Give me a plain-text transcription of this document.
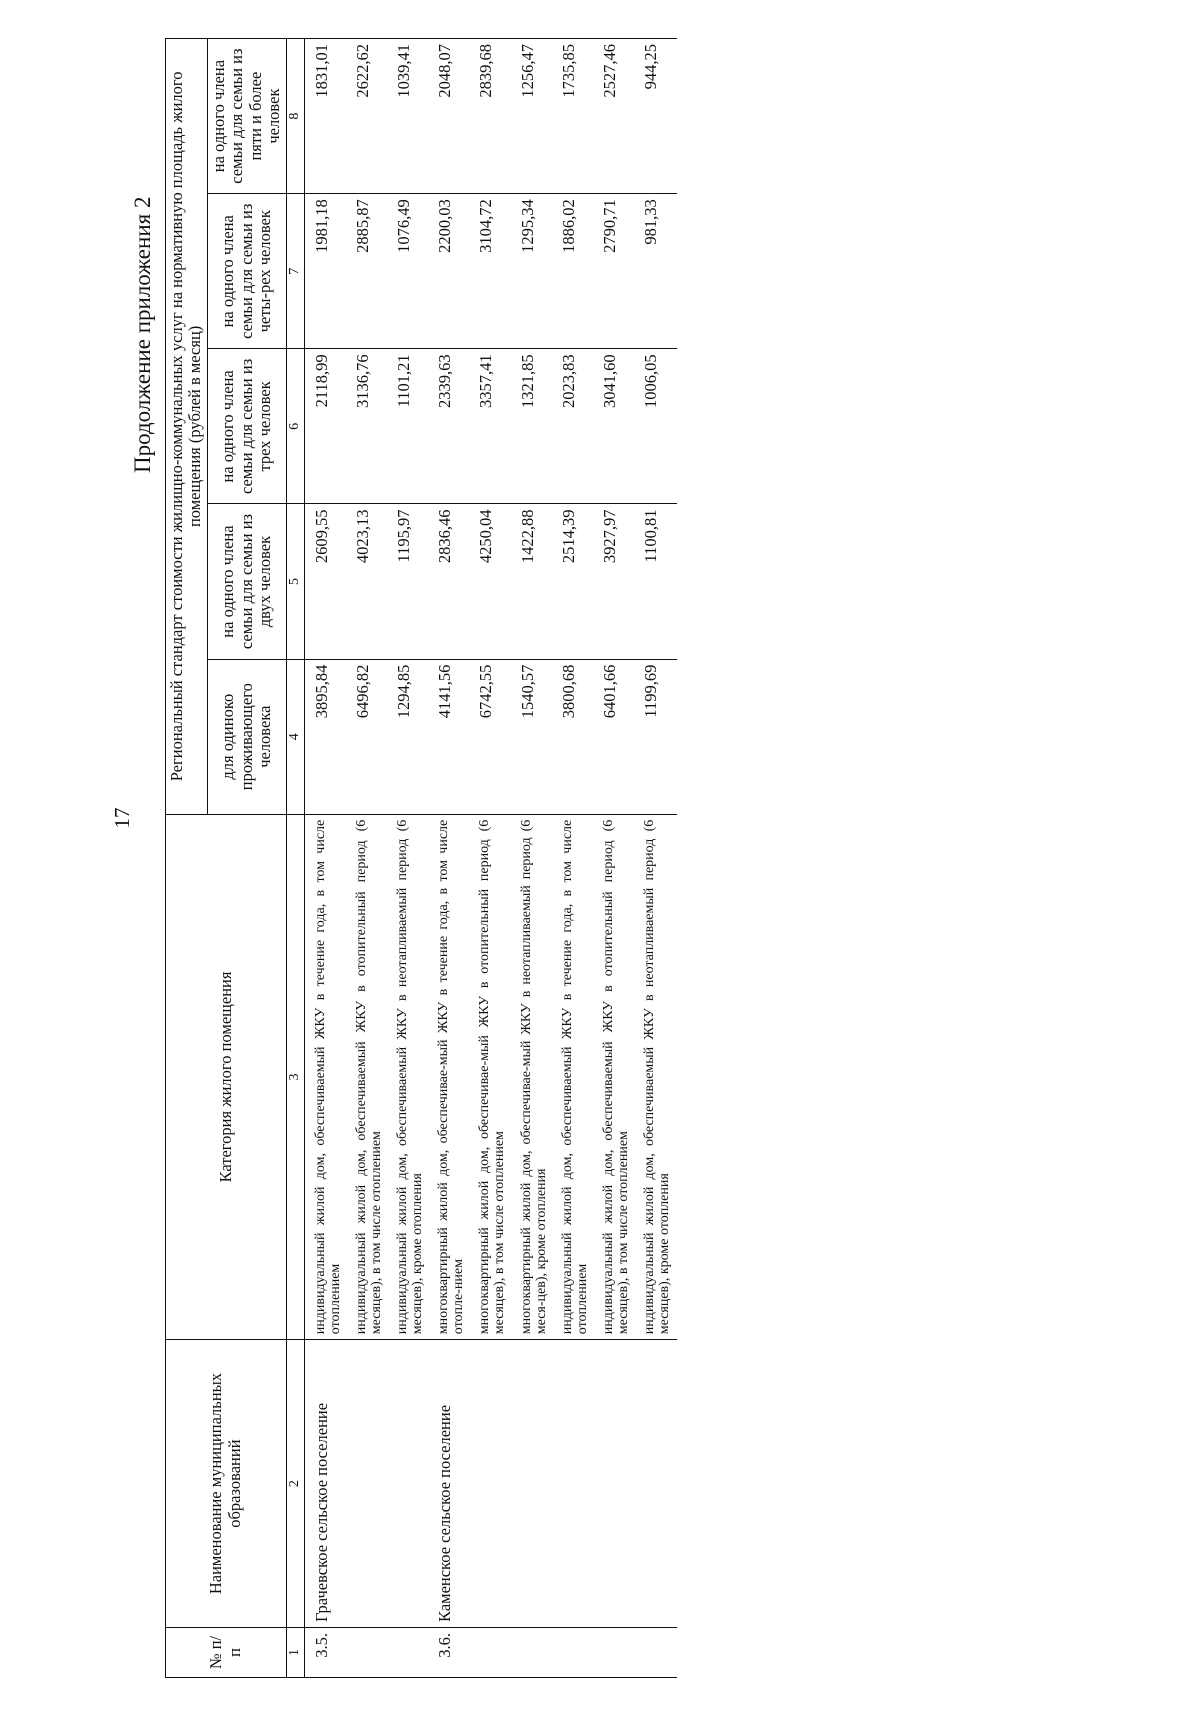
17
Продолжение приложения 2
№ п/п	Наименование муниципальных образований	Категория жилого помещения	Региональный стандарт стоимости жилищно-коммунальных услуг на нормативную площадь жилого помещения (рублей в месяц)				
			для одиноко проживающего человека	на одного члена семьи для семьи из двух человек	на одного члена семьи для семьи из трех человек	на одного члена семьи для семьи из четы-рех человек	на одного члена семьи для семьи из пяти и более человек
1	2	3	4	5	6	7	8
3.5.	Грачевское сельское поселение	индивидуальный жилой дом, обеспечиваемый ЖКУ в течение года, в том числе отоплением	3895,84	2609,55	2118,99	1981,18	1831,01
		индивидуальный жилой дом, обеспечиваемый ЖКУ в отопительный период (6 месяцев), в том числе отоплением	6496,82	4023,13	3136,76	2885,87	2622,62
		индивидуальный жилой дом, обеспечиваемый ЖКУ в неотапливаемый период (6 месяцев), кроме отопления	1294,85	1195,97	1101,21	1076,49	1039,41
3.6.	Каменское сельское поселение	многоквартирный жилой дом, обеспечивае-мый ЖКУ в течение года, в том числе отопле-нием	4141,56	2836,46	2339,63	2200,03	2048,07
		многоквартирный жилой дом, обеспечивае-мый ЖКУ в отопительный период (6 месяцев), в том числе отоплением	6742,55	4250,04	3357,41	3104,72	2839,68
		многоквартирный жилой дом, обеспечивае-мый ЖКУ в неотапливаемый период (6 меся-цев), кроме отопления	1540,57	1422,88	1321,85	1295,34	1256,47
		индивидуальный жилой дом, обеспечиваемый ЖКУ в течение года, в том числе отоплением	3800,68	2514,39	2023,83	1886,02	1735,85
		индивидуальный жилой дом, обеспечиваемый ЖКУ в отопительный период (6 месяцев), в том числе отоплением	6401,66	3927,97	3041,60	2790,71	2527,46
		индивидуальный жилой дом, обеспечиваемый ЖКУ в неотапливаемый период (6 месяцев), кроме отопления	1199,69	1100,81	1006,05	981,33	944,25
